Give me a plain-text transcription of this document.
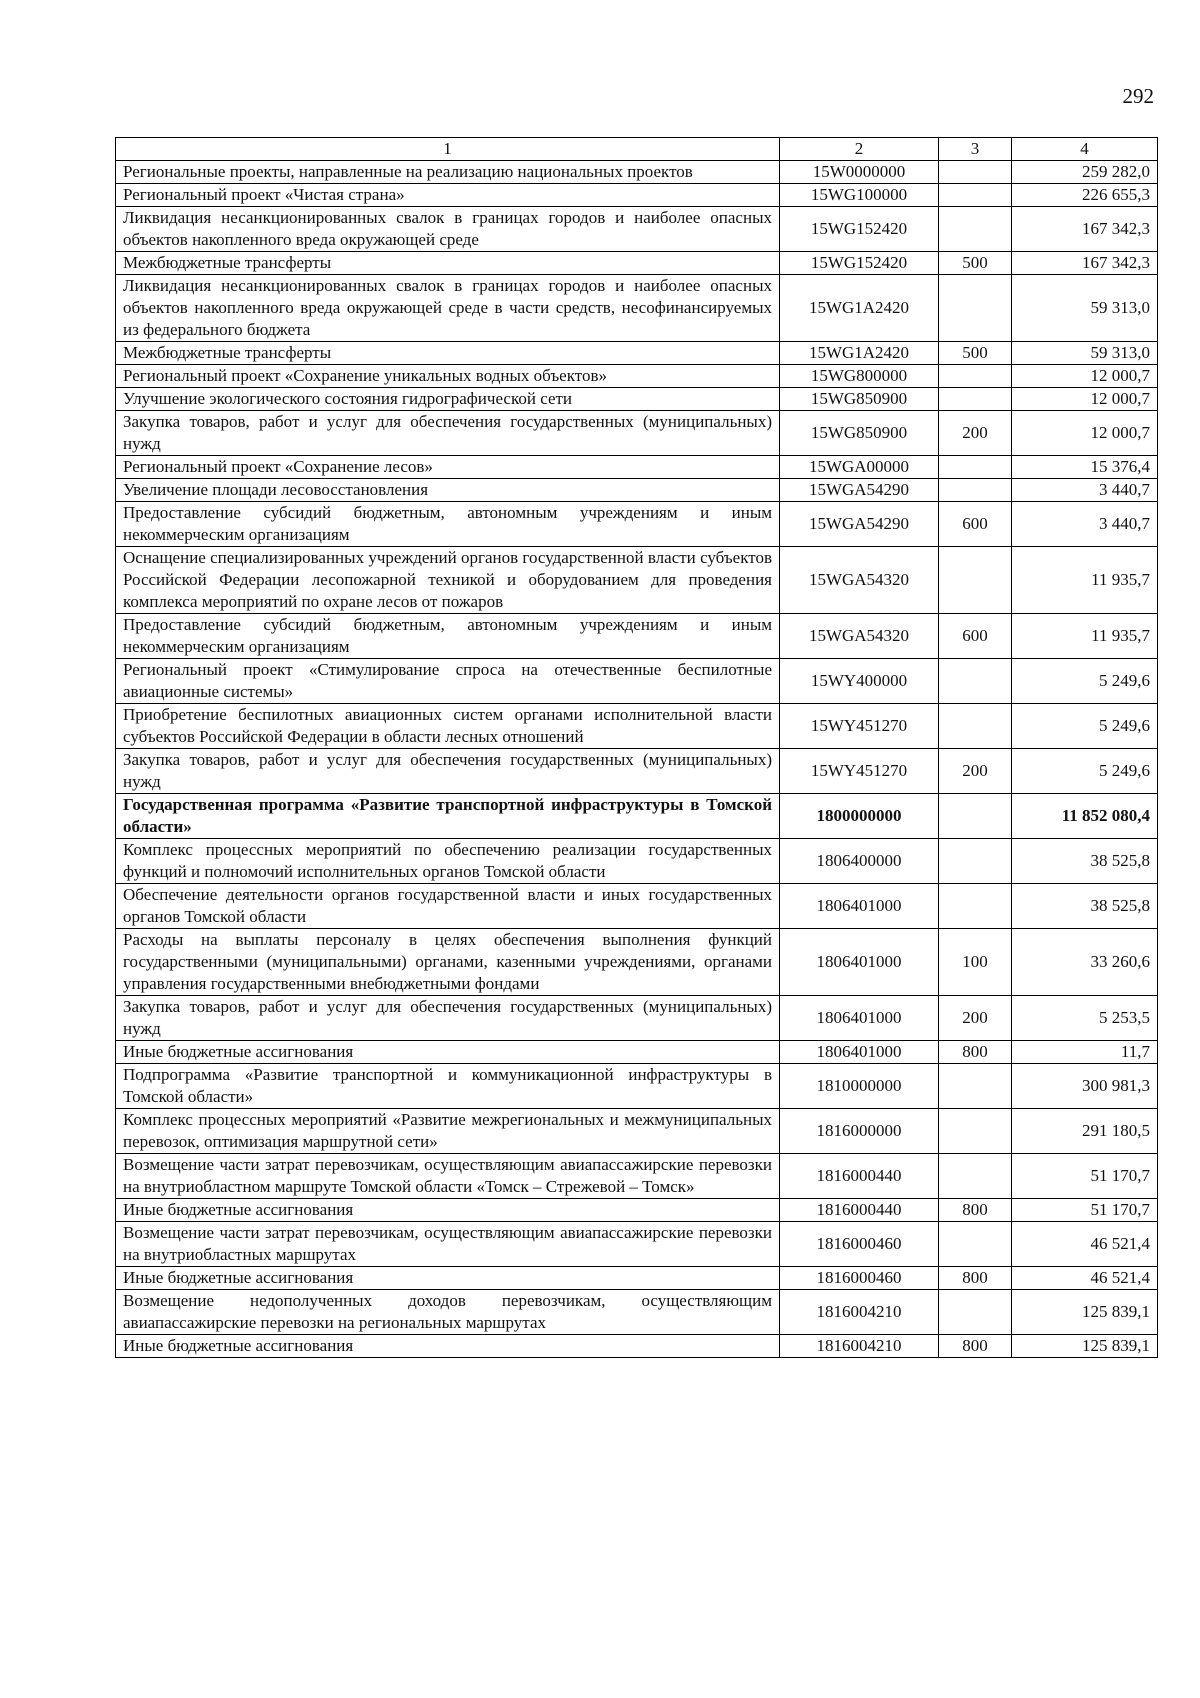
292
1	2	3	4
Региональные проекты, направленные на реализацию национальных проектов	15W0000000		259 282,0
Региональный проект «Чистая страна»	15WG100000		226 655,3
Ликвидация несанкционированных свалок в границах городов и наиболее опасных объектов накопленного вреда окружающей среде	15WG152420		167 342,3
Межбюджетные трансферты	15WG152420	500	167 342,3
Ликвидация несанкционированных свалок в границах городов и наиболее опасных объектов накопленного вреда окружающей среде в части средств, несофинансируемых из федерального бюджета	15WG1A2420		59 313,0
Межбюджетные трансферты	15WG1A2420	500	59 313,0
Региональный проект «Сохранение уникальных водных объектов»	15WG800000		12 000,7
Улучшение экологического состояния гидрографической сети	15WG850900		12 000,7
Закупка товаров, работ и услуг для обеспечения государственных (муниципальных) нужд	15WG850900	200	12 000,7
Региональный проект «Сохранение лесов»	15WGA00000		15 376,4
Увеличение площади лесовосстановления	15WGA54290		3 440,7
Предоставление субсидий бюджетным, автономным учреждениям и иным некоммерческим организациям	15WGA54290	600	3 440,7
Оснащение специализированных учреждений органов государственной власти субъектов Российской Федерации лесопожарной техникой и оборудованием для проведения комплекса мероприятий по охране лесов от пожаров	15WGA54320		11 935,7
Предоставление субсидий бюджетным, автономным учреждениям и иным некоммерческим организациям	15WGA54320	600	11 935,7
Региональный проект «Стимулирование спроса на отечественные беспилотные авиационные системы»	15WY400000		5 249,6
Приобретение беспилотных авиационных систем органами исполнительной власти субъектов Российской Федерации в области лесных отношений	15WY451270		5 249,6
Закупка товаров, работ и услуг для обеспечения государственных (муниципальных) нужд	15WY451270	200	5 249,6
Государственная программа «Развитие транспортной инфраструктуры в Томской области»	1800000000		11 852 080,4
Комплекс процессных мероприятий по обеспечению реализации государственных функций и полномочий исполнительных органов Томской области	1806400000		38 525,8
Обеспечение деятельности органов государственной власти и иных государственных органов Томской области	1806401000		38 525,8
Расходы на выплаты персоналу в целях обеспечения выполнения функций государственными (муниципальными) органами, казенными учреждениями, органами управления государственными внебюджетными фондами	1806401000	100	33 260,6
Закупка товаров, работ и услуг для обеспечения государственных (муниципальных) нужд	1806401000	200	5 253,5
Иные бюджетные ассигнования	1806401000	800	11,7
Подпрограмма «Развитие транспортной и коммуникационной инфраструктуры в Томской области»	1810000000		300 981,3
Комплекс процессных мероприятий «Развитие межрегиональных и межмуниципальных перевозок, оптимизация маршрутной сети»	1816000000		291 180,5
Возмещение части затрат перевозчикам, осуществляющим авиапассажирские перевозки на внутриобластном маршруте Томской области «Томск – Стрежевой – Томск»	1816000440		51 170,7
Иные бюджетные ассигнования	1816000440	800	51 170,7
Возмещение части затрат перевозчикам, осуществляющим авиапассажирские перевозки на внутриобластных маршрутах	1816000460		46 521,4
Иные бюджетные ассигнования	1816000460	800	46 521,4
Возмещение недополученных доходов перевозчикам, осуществляющим авиапассажирские перевозки на региональных маршрутах	1816004210		125 839,1
Иные бюджетные ассигнования	1816004210	800	125 839,1
